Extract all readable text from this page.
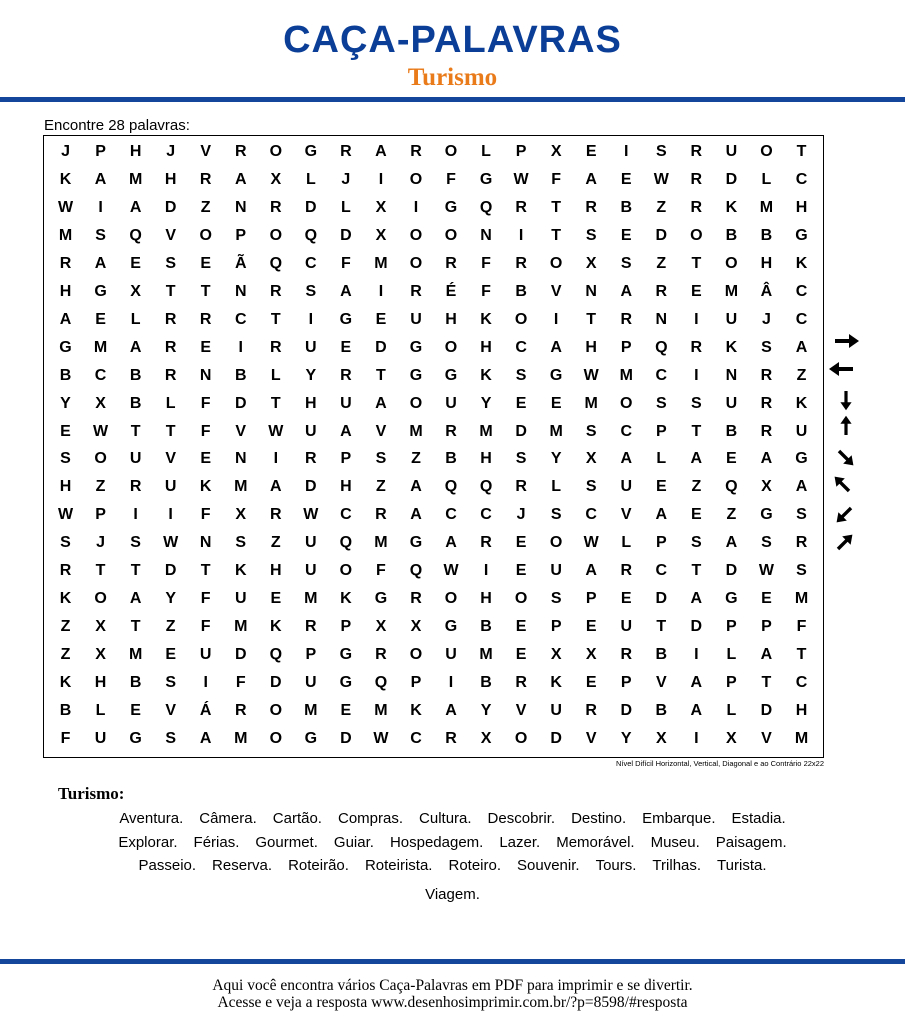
CAÇA-PALAVRAS
Turismo
Encontre 28 palavras:
J	P	H	J	V	R	O	G	R	A	R	O	L	P	X	E	I	S	R	U	O	T
K	A	M	H	R	A	X	L	J	I	O	F	G	W	F	A	E	W	R	D	L	C
W	I	A	D	Z	N	R	D	L	X	I	G	Q	R	T	R	B	Z	R	K	M	H
M	S	Q	V	O	P	O	Q	D	X	O	O	N	I	T	S	E	D	O	B	B	G
R	A	E	S	E	Ã	Q	C	F	M	O	R	F	R	O	X	S	Z	T	O	H	K
H	G	X	T	T	N	R	S	A	I	R	É	F	B	V	N	A	R	E	M	Â	C
A	E	L	R	R	C	T	I	G	E	U	H	K	O	I	T	R	N	I	U	J	C
G	M	A	R	E	I	R	U	E	D	G	O	H	C	A	H	P	Q	R	K	S	A
B	C	B	R	N	B	L	Y	R	T	G	G	K	S	G	W	M	C	I	N	R	Z
Y	X	B	L	F	D	T	H	U	A	O	U	Y	E	E	M	O	S	S	U	R	K
E	W	T	T	F	V	W	U	A	V	M	R	M	D	M	S	C	P	T	B	R	U
S	O	U	V	E	N	I	R	P	S	Z	B	H	S	Y	X	A	L	A	E	A	G
H	Z	R	U	K	M	A	D	H	Z	A	Q	Q	R	L	S	U	E	Z	Q	X	A
W	P	I	I	F	X	R	W	C	R	A	C	C	J	S	C	V	A	E	Z	G	S
S	J	S	W	N	S	Z	U	Q	M	G	A	R	E	O	W	L	P	S	A	S	R
R	T	T	D	T	K	H	U	O	F	Q	W	I	E	U	A	R	C	T	D	W	S
K	O	A	Y	F	U	E	M	K	G	R	O	H	O	S	P	E	D	A	G	E	M
Z	X	T	Z	F	M	K	R	P	X	X	G	B	E	P	E	U	T	D	P	P	F
Z	X	M	E	U	D	Q	P	G	R	O	U	M	E	X	X	R	B	I	L	A	T
K	H	B	S	I	F	D	U	G	Q	P	I	B	R	K	E	P	V	A	P	T	C
B	L	E	V	Á	R	O	M	E	M	K	A	Y	V	U	R	D	B	A	L	D	H
F	U	G	S	A	M	O	G	D	W	C	R	X	O	D	V	Y	X	I	X	V	M
Nível Difícil Horizontal, Vertical, Diagonal e ao Contrário 22x22
Turismo:
Aventura. Câmera. Cartão. Compras. Cultura. Descobrir. Destino. Embarque. Estadia.
Explorar. Férias. Gourmet. Guiar. Hospedagem. Lazer. Memorável. Museu. Paisagem.
Passeio. Reserva. Roteirão. Roteirista. Roteiro. Souvenir. Tours. Trilhas. Turista.
Viagem.
Aqui você encontra vários Caça-Palavras em PDF para imprimir e se divertir.
Acesse e veja a resposta www.desenhosimprimir.com.br/?p=8598/#resposta
